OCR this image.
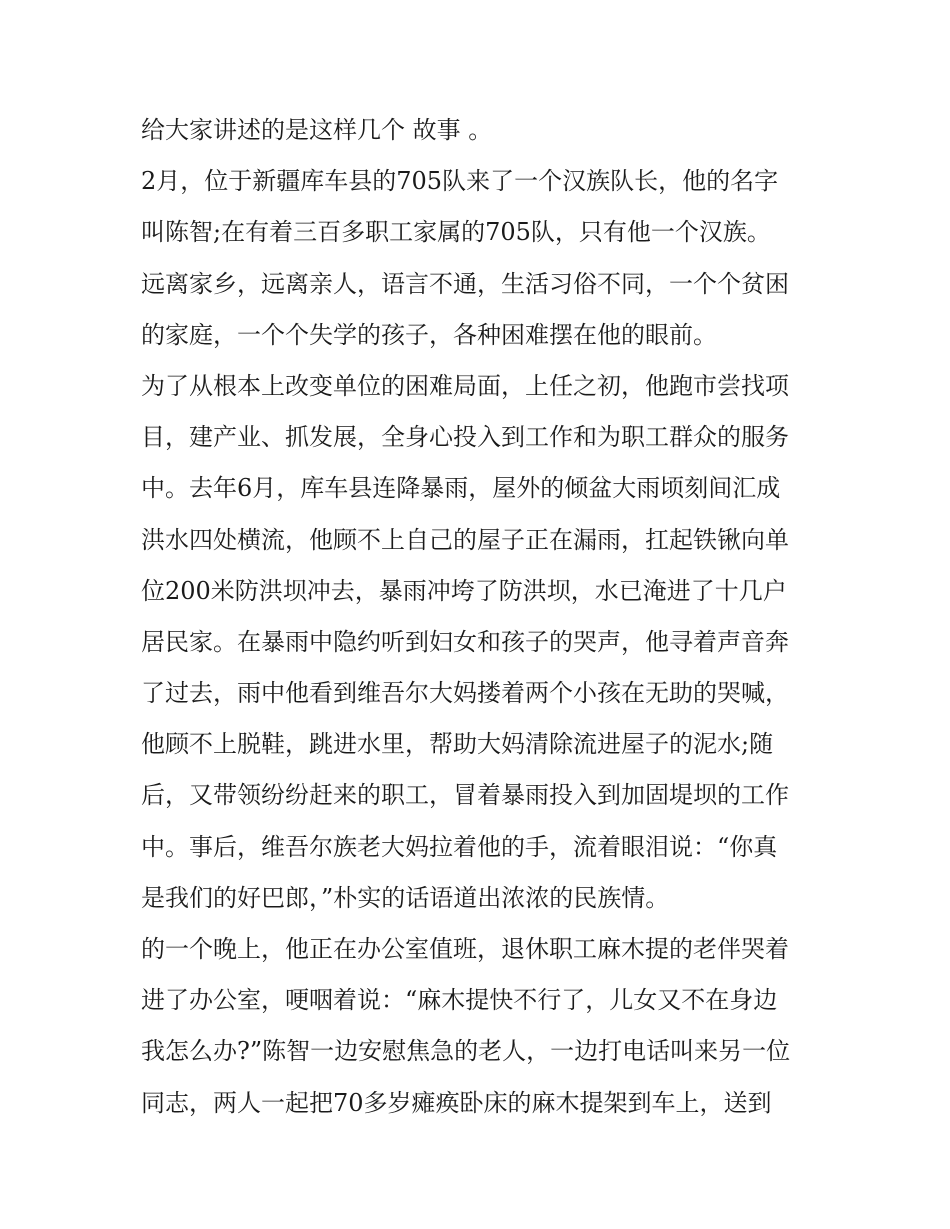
给大家讲述的是这样几个 故事 。

2月，位于新疆库车县的705队来了一个汉族队长，他的名字

叫陈智;在有着三百多职工家属的705队，只有他一个汉族。

远离家乡，远离亲人，语言不通，生活习俗不同，一个个贫困

的家庭，一个个失学的孩子，各种困难摆在他的眼前。

为了从根本上改变单位的困难局面，上任之初，他跑市尝找项

目，建产业、抓发展，全身心投入到工作和为职工群众的服务

中。去年6月，库车县连降暴雨，屋外的倾盆大雨顷刻间汇成

洪水四处横流，他顾不上自己的屋子正在漏雨，扛起铁锹向单

位200米防洪坝冲去，暴雨冲垮了防洪坝，水已淹进了十几户

居民家。在暴雨中隐约听到妇女和孩子的哭声，他寻着声音奔

了过去，雨中他看到维吾尔大妈搂着两个小孩在无助的哭喊，

他顾不上脱鞋，跳进水里，帮助大妈清除流进屋子的泥水;随

后，又带领纷纷赶来的职工，冒着暴雨投入到加固堤坝的工作

中。事后，维吾尔族老大妈拉着他的手，流着眼泪说：“你真

是我们的好巴郎，”朴实的话语道出浓浓的民族情。

的一个晚上，他正在办公室值班，退休职工麻木提的老伴哭着

进了办公室，哽咽着说：“麻木提快不行了，儿女又不在身边

我怎么办?”陈智一边安慰焦急的老人，一边打电话叫来另一位

同志，两人一起把70多岁瘫痪卧床的麻木提架到车上，送到
